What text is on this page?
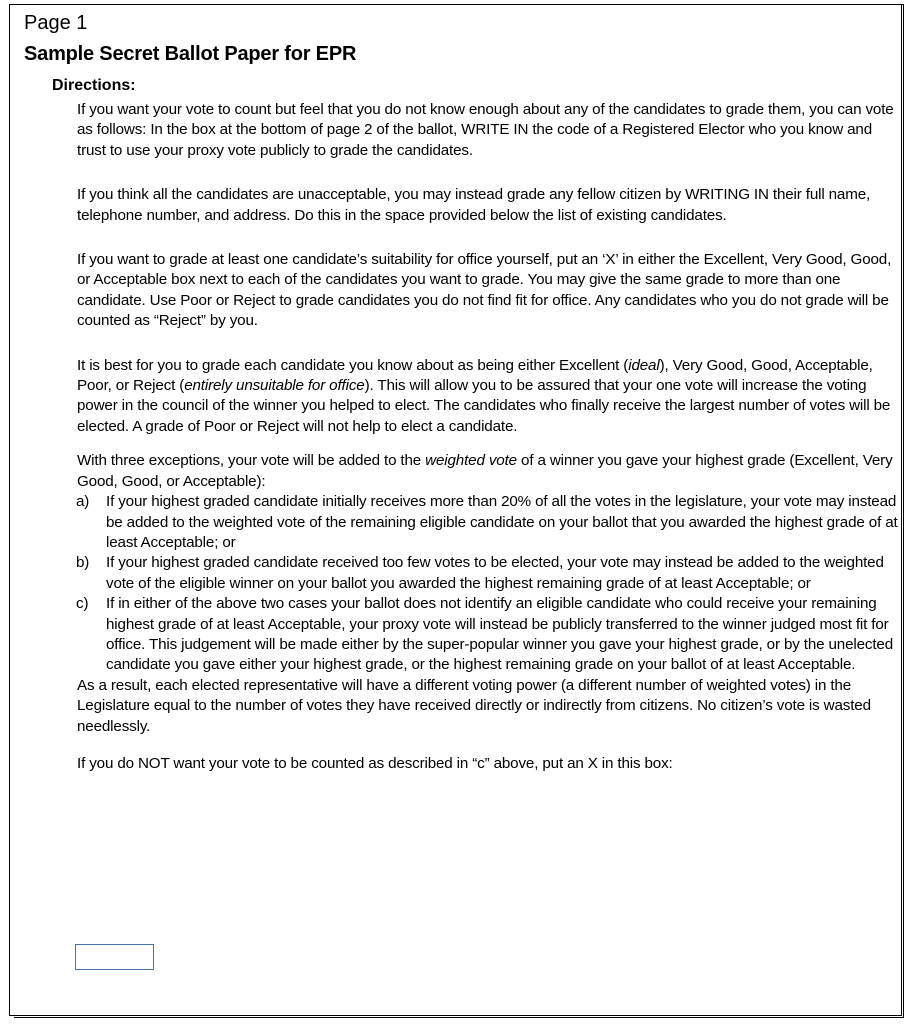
Page 1
Sample Secret Ballot Paper for EPR
Directions:

If you want your vote to count but feel that you do not know enough about any of the candidates to grade them, you can vote as follows: In the box at the bottom of page 2 of the ballot, WRITE IN the code of a Registered Elector who you know and trust to use your proxy vote publicly to grade the candidates.

If you think all the candidates are unacceptable, you may instead grade any fellow citizen by WRITING IN their full name, telephone number, and address. Do this in the space provided below the list of existing candidates.

If you want to grade at least one candidate’s suitability for office yourself, put an ‘X’ in either the Excellent, Very Good, Good, or Acceptable box next to each of the candidates you want to grade. You may give the same grade to more than one candidate. Use Poor or Reject to grade candidates you do not find fit for office. Any candidates who you do not grade will be counted as “Reject” by you.

It is best for you to grade each candidate you know about as being either Excellent (ideal), Very Good, Good, Acceptable, Poor, or Reject (entirely unsuitable for office). This will allow you to be assured that your one vote will increase the voting power in the council of the winner you helped to elect. The candidates who finally receive the largest number of votes will be elected. A grade of Poor or Reject will not help to elect a candidate.

With three exceptions, your vote will be added to the weighted vote of a winner you gave your highest grade (Excellent, Very Good, Good, or Acceptable):

a)	If your highest graded candidate initially receives more than 20% of all the votes in the legislature, your vote may instead be added to the weighted vote of the remaining eligible candidate on your ballot that you awarded the highest grade of at least Acceptable; or
b)	If your highest graded candidate received too few votes to be elected, your vote may instead be added to the weighted vote of the eligible winner on your ballot you awarded the highest remaining grade of at least Acceptable; or
c)	If in either of the above two cases your ballot does not identify an eligible candidate who could receive your remaining highest grade of at least Acceptable, your proxy vote will instead be publicly transferred to the winner judged most fit for office. This judgement will be made either by the super-popular winner you gave your highest grade, or by the unelected candidate you gave either your highest grade, or the highest remaining grade on your ballot of at least Acceptable.

As a result, each elected representative will have a different voting power (a different number of weighted votes) in the Legislature equal to the number of votes they have received directly or indirectly from citizens. No citizen’s vote is wasted needlessly.

If you do NOT want your vote to be counted as described in “c” above, put an X in this box:
